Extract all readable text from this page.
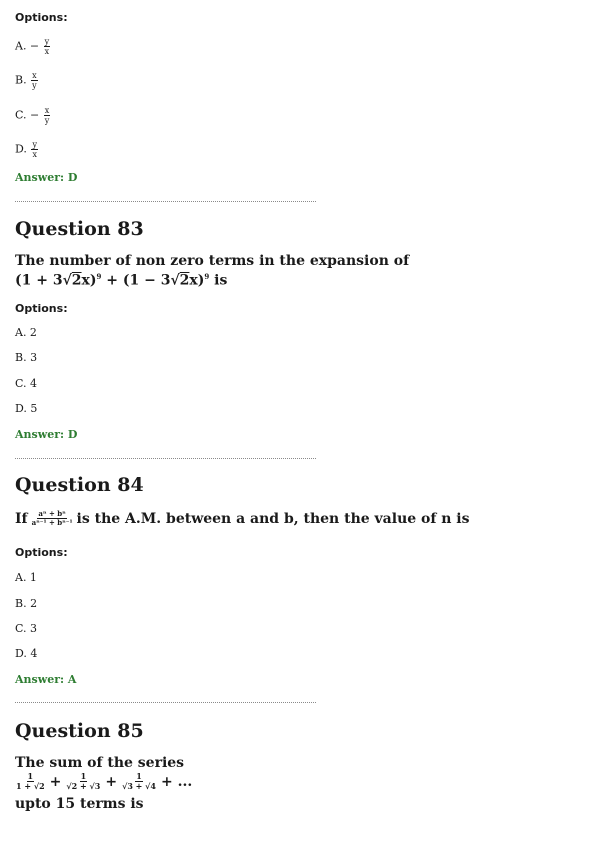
Options:
A. − $\frac{y}{x}$
B. $\frac{x}{y}$
C. − $\frac{x}{y}$
D. $\frac{y}{x}$
Answer: D
Question 83
The number of non zero terms in the expansion of
$(1 + 3√2x)^9 + (1 - 3√2x)^9$ is
Options:
A. 2
B. 3
C. 4
D. 5
Answer: D
Question 84
If $\frac{\text{aⁿ + bⁿ}}{\text{aⁿ⁻¹ + bⁿ⁻¹}}$ is the A.M. between a and b, then the value of n is
Options:
A. 1
B. 2
C. 3
D. 4
Answer: A
Question 85
The sum of the series
$\frac{1}{1 + √2} + \frac{1}{√2 + √3} + \frac{1}{√3 + √4}$ + ...
upto 15 terms is
